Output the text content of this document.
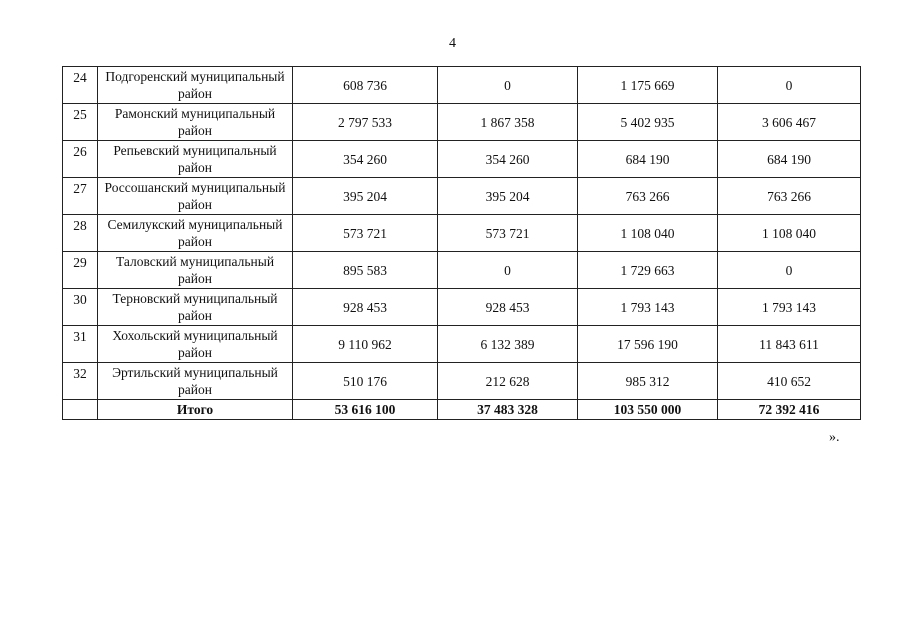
4
24	Подгоренский муниципальный район	608 736	0	1 175 669	0

25	Рамонский муниципальный район	2 797 533	1 867 358	5 402 935	3 606 467

26	Репьевский муниципальный район	354 260	354 260	684 190	684 190

27	Россошанский муниципальный район	395 204	395 204	763 266	763 266

28	Семилукский муниципальный район	573 721	573 721	1 108 040	1 108 040

29	Таловский муниципальный район	895 583	0	1 729 663	0

30	Терновский муниципальный район	928 453	928 453	1 793 143	1 793 143

31	Хохольский муниципальный район	9 110 962	6 132 389	17 596 190	11 843 611

32	Эртильский муниципальный район	510 176	212 628	985 312	410 652
	Итого	53 616 100	37 483 328	103 550 000	72 392 416
».
